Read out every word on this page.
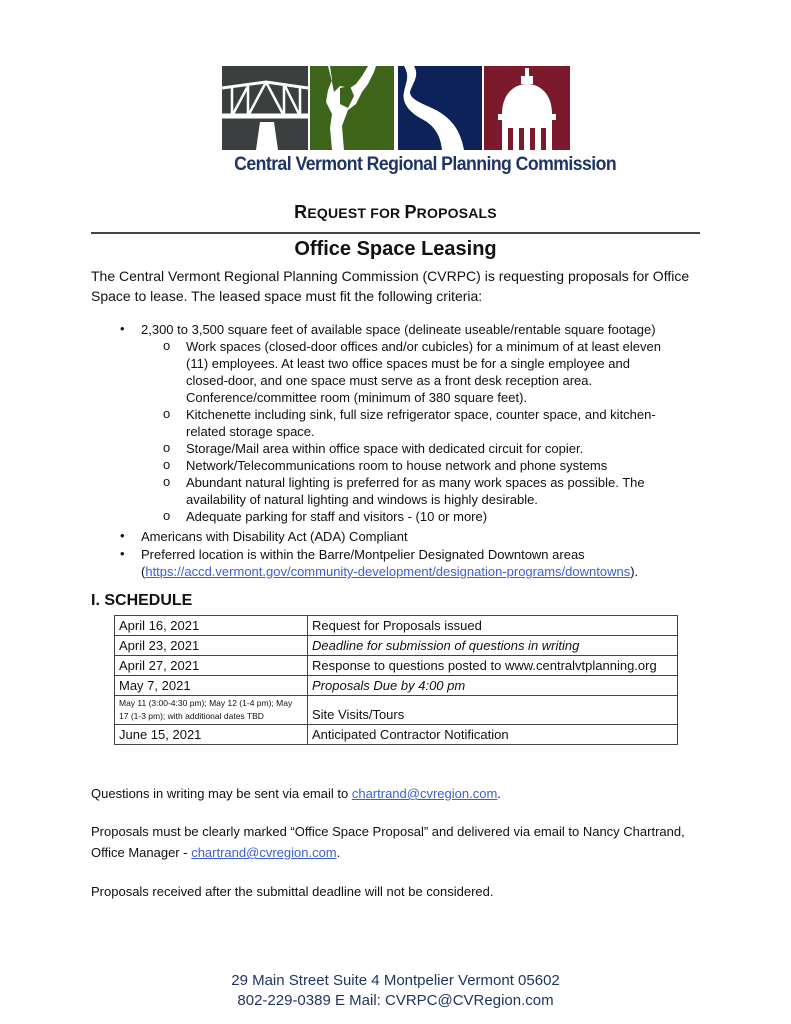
Central Vermont Regional Planning Commission
REQUEST FOR PROPOSALS
Office Space Leasing
The Central Vermont Regional Planning Commission (CVRPC) is requesting proposals for Office Space to lease. The leased space must fit the following criteria:
• 2,300 to 3,500 square feet of available space (delineate useable/rentable square footage)
o Work spaces (closed-door offices and/or cubicles) for a minimum of at least eleven (11) employees. At least two office spaces must be for a single employee and closed-door, and one space must serve as a front desk reception area. Conference/committee room (minimum of 380 square feet).
o Kitchenette including sink, full size refrigerator space, counter space, and kitchen-related storage space.
o Storage/Mail area within office space with dedicated circuit for copier.
o Network/Telecommunications room to house network and phone systems
o Abundant natural lighting is preferred for as many work spaces as possible. The availability of natural lighting and windows is highly desirable.
o Adequate parking for staff and visitors - (10 or more)
• Americans with Disability Act (ADA) Compliant
• Preferred location is within the Barre/Montpelier Designated Downtown areas
(https://accd.vermont.gov/community-development/designation-programs/downtowns).
I. SCHEDULE
April 16, 2021	Request for Proposals issued
April 23, 2021	Deadline for submission of questions in writing
April 27, 2021	Response to questions posted to www.centralvtplanning.org
May 7, 2021	Proposals Due by 4:00 pm
May 11 (3:00-4:30 pm); May 12 (1-4 pm); May 17 (1-3 pm); with additional dates TBD	Site Visits/Tours
June 15, 2021	Anticipated Contractor Notification
Questions in writing may be sent via email to chartrand@cvregion.com.
Proposals must be clearly marked “Office Space Proposal” and delivered via email to Nancy Chartrand, Office Manager - chartrand@cvregion.com.
Proposals received after the submittal deadline will not be considered.
29 Main Street Suite 4 Montpelier Vermont 05602
802-229-0389 E Mail: CVRPC@CVRegion.com
